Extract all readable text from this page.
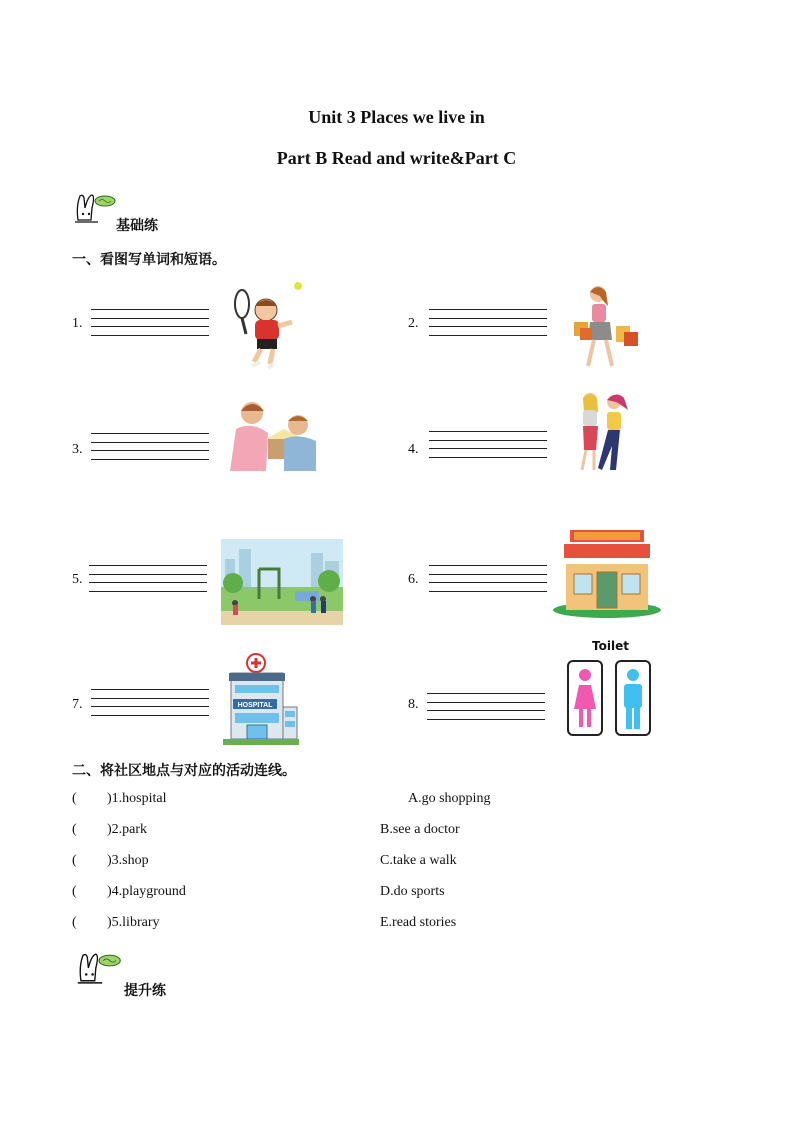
Unit 3 Places we live in
Part B Read and write&Part C
基础练
一、看图写单词和短语。
1.	2.
3.	4.
5.	6.
7.	HOSPITAL	8.
Toilet
二、将社区地点与对应的活动连线。
( )1.hospital	A.go shopping
( )2.park	B.see a doctor
( )3.shop	C.take a walk
( )4.playground	D.do sports
( )5.library	E.read stories
提升练
